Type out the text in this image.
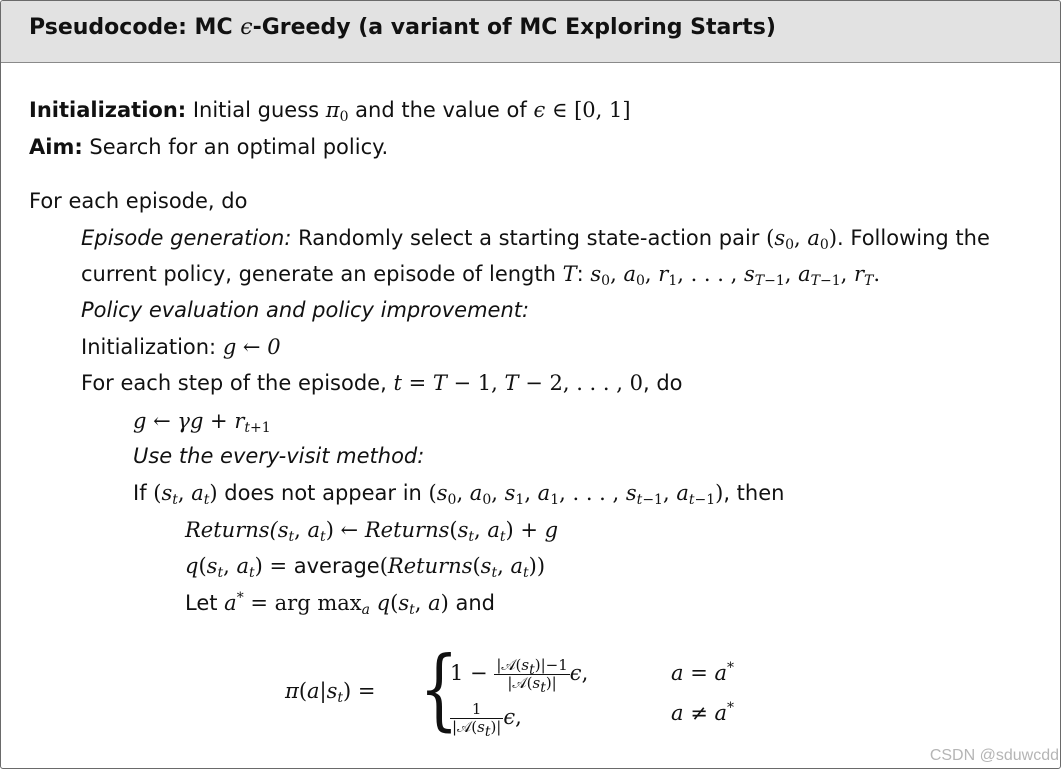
Pseudocode: MC ϵ-Greedy (a variant of MC Exploring Starts)
Initialization: Initial guess $\pi_0$ and the value of ϵ ∈ [0, 1]
Aim: Search for an optimal policy.
For each episode, do
Episode generation: Randomly select a starting state-action pair ($s_0$, $a_0$). Following the
current policy, generate an episode of length T: $s_0$, $a_0$, $r_1$, . . . , $s_{T-1}$, $a_{T-1}$, $r_T$.
Policy evaluation and policy improvement:
Initialization: g ← 0
For each step of the episode, t = T − 1, T − 2, . . . , 0, do
g ← $\gamma g + r_{t+1}$
Use the every-visit method:
If ($s_t$, $a_t$) does not appear in ($s_0$, $a_0$, $s_1$, $a_1$, . . . , $s_{t-1}$, $a_{t-1}$), then
$Returns(s_t$, $a_t$) ← $Returns(s_t$, $a_t) + g$
$q(s_t$, $a_t$) = $average(Returns(s_t$, $a_t$))
Let a* = arg $\max_a q(s_t$, a) and
$\pi(a|s_t)$ = {
$1 - \frac{|𝒜(s_t)|-1}{|𝒜(s_t)|} \epsilon$,	a = a*
$\frac{1}{|𝒜(s_t)|} \epsilon$,	a ≠ a*
CSDN @sduwcdd
